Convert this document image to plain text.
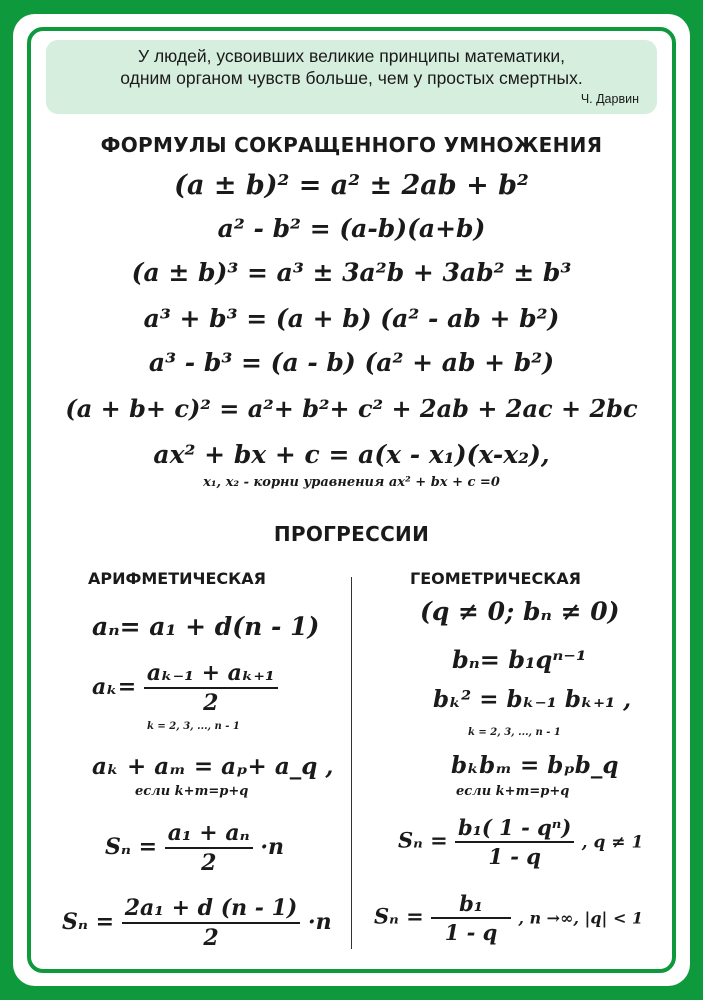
У людей, усвоивших великие принципы математики,
одним органом чувств больше, чем у простых смертных.
Ч. Дарвин
ФОРМУЛЫ СОКРАЩЕННОГО УМНОЖЕНИЯ
(a ± b)² = a² ± 2ab + b²
a² - b² = (a-b)(a+b)
(a ± b)³ = a³ ± 3a²b + 3ab² ± b³
a³ + b³ = (a + b) (a² - ab + b²)
a³ - b³ = (a - b) (a² + ab + b²)
(a + b+ c)² = a²+ b²+ c² + 2ab + 2ac + 2bc
ax² + bx + c = a(x - x₁)(x-x₂),
x₁, x₂ - корни уравнения ax² + bx + c =0
ПРОГРЕССИИ
АРИФМЕТИЧЕСКАЯ	ГЕОМЕТРИЧЕСКАЯ
aₙ= a₁ + d(n - 1)
$a_k= \frac{\text{aₖ₋₁ + aₖ₊₁}}{2}$
k = 2, 3, ..., n - 1
aₖ + aₘ = aₚ+ a_q ,
если k+m=p+q
$S_n = \frac{\text{a₁ + aₙ}}{2} \cdot n$
$S_n = \frac{\text{2a₁ + d (n - 1)}}{2} \cdot n$
(q ≠ 0; bₙ ≠ 0)
bₙ= b₁qⁿ⁻¹
bₖ² = bₖ₋₁ bₖ₊₁ ,
k = 2, 3, ..., n - 1
bₖbₘ = bₚb_q
если k+m=p+q
$S_n = \frac{\text{b₁( 1 - qⁿ)}}{1 - q}$ , q ≠ 1
$S_n = \frac{\text{b₁}}{1 - q}$ , n →∞, |q| < 1
